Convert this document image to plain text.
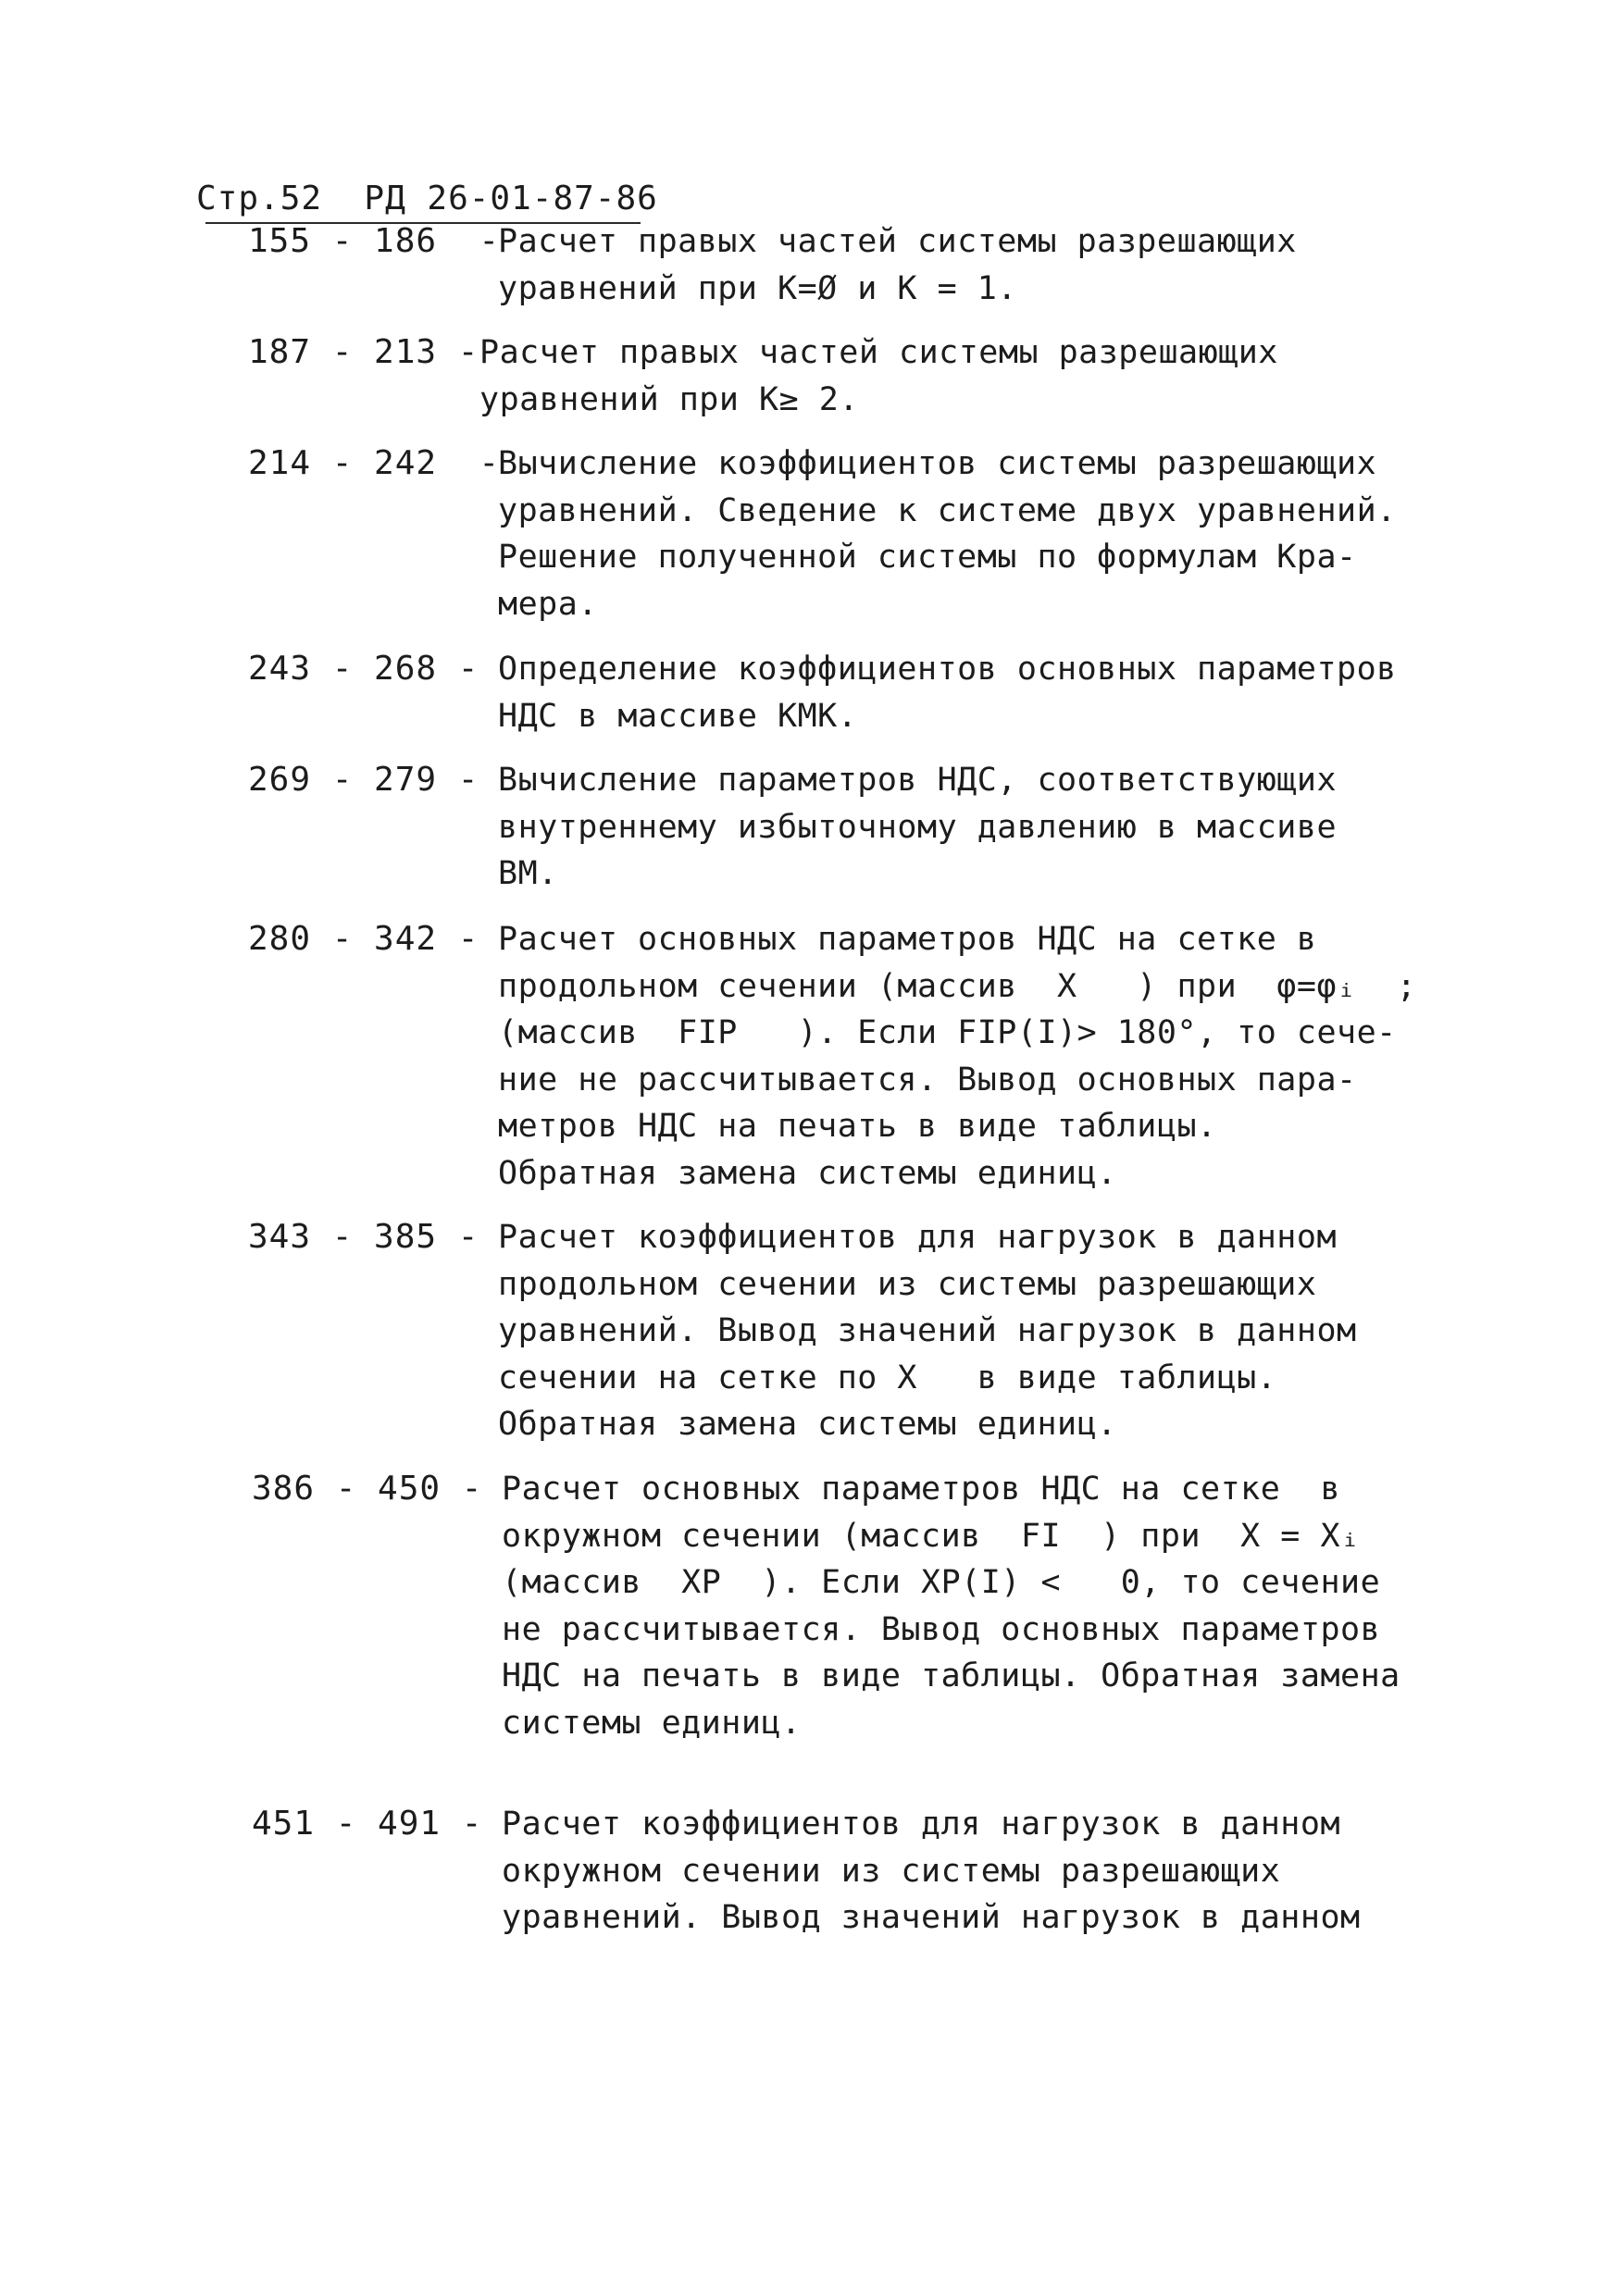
Стр.52  РД 26-01-87-86
155 - 186  -
Расчет правых частей системы разрешающих
уравнений при К=Ø и К = 1.
187 - 213 - Расчет правых частей системы разрешающих
уравнений при К≥ 2.
214 - 242  -
Вычисление коэффициентов системы разрешающих
уравнений. Сведение к системе двух уравнений.
Решение полученной системы по формулам Кра-
мера.
243 - 268 - Определение коэффициентов основных параметров
НДС в массиве КМК.
269 - 279 - Вычисление параметров НДС, соответствующих
внутреннему избыточному давлению в массиве
ВМ.
280 - 342 - Расчет основных параметров НДС на сетке в
продольном сечении (массив  X   ) при  φ=φᵢ  ;
(массив  FIP   ). Если FIP(I)> 180°, то сече-
ние не рассчитывается. Вывод основных пара-
метров НДС на печать в виде таблицы.
Обратная замена системы единиц.
343 - 385 - Расчет коэффициентов для нагрузок в данном
продольном сечении из системы разрешающих
уравнений. Вывод значений нагрузок в данном
сечении на сетке по X   в виде таблицы.
Обратная замена системы единиц.
386 - 450 - Расчет основных параметров НДС на сетке  в
окружном сечении (массив  FI  ) при  X = Xᵢ
(массив  XP  ). Если XP(I) <   0, то сечение
не рассчитывается. Вывод основных параметров
НДС на печать в виде таблицы. Обратная замена
системы единиц.
451 - 491 - Расчет коэффициентов для нагрузок в данном
окружном сечении из системы разрешающих
уравнений. Вывод значений нагрузок в данном
